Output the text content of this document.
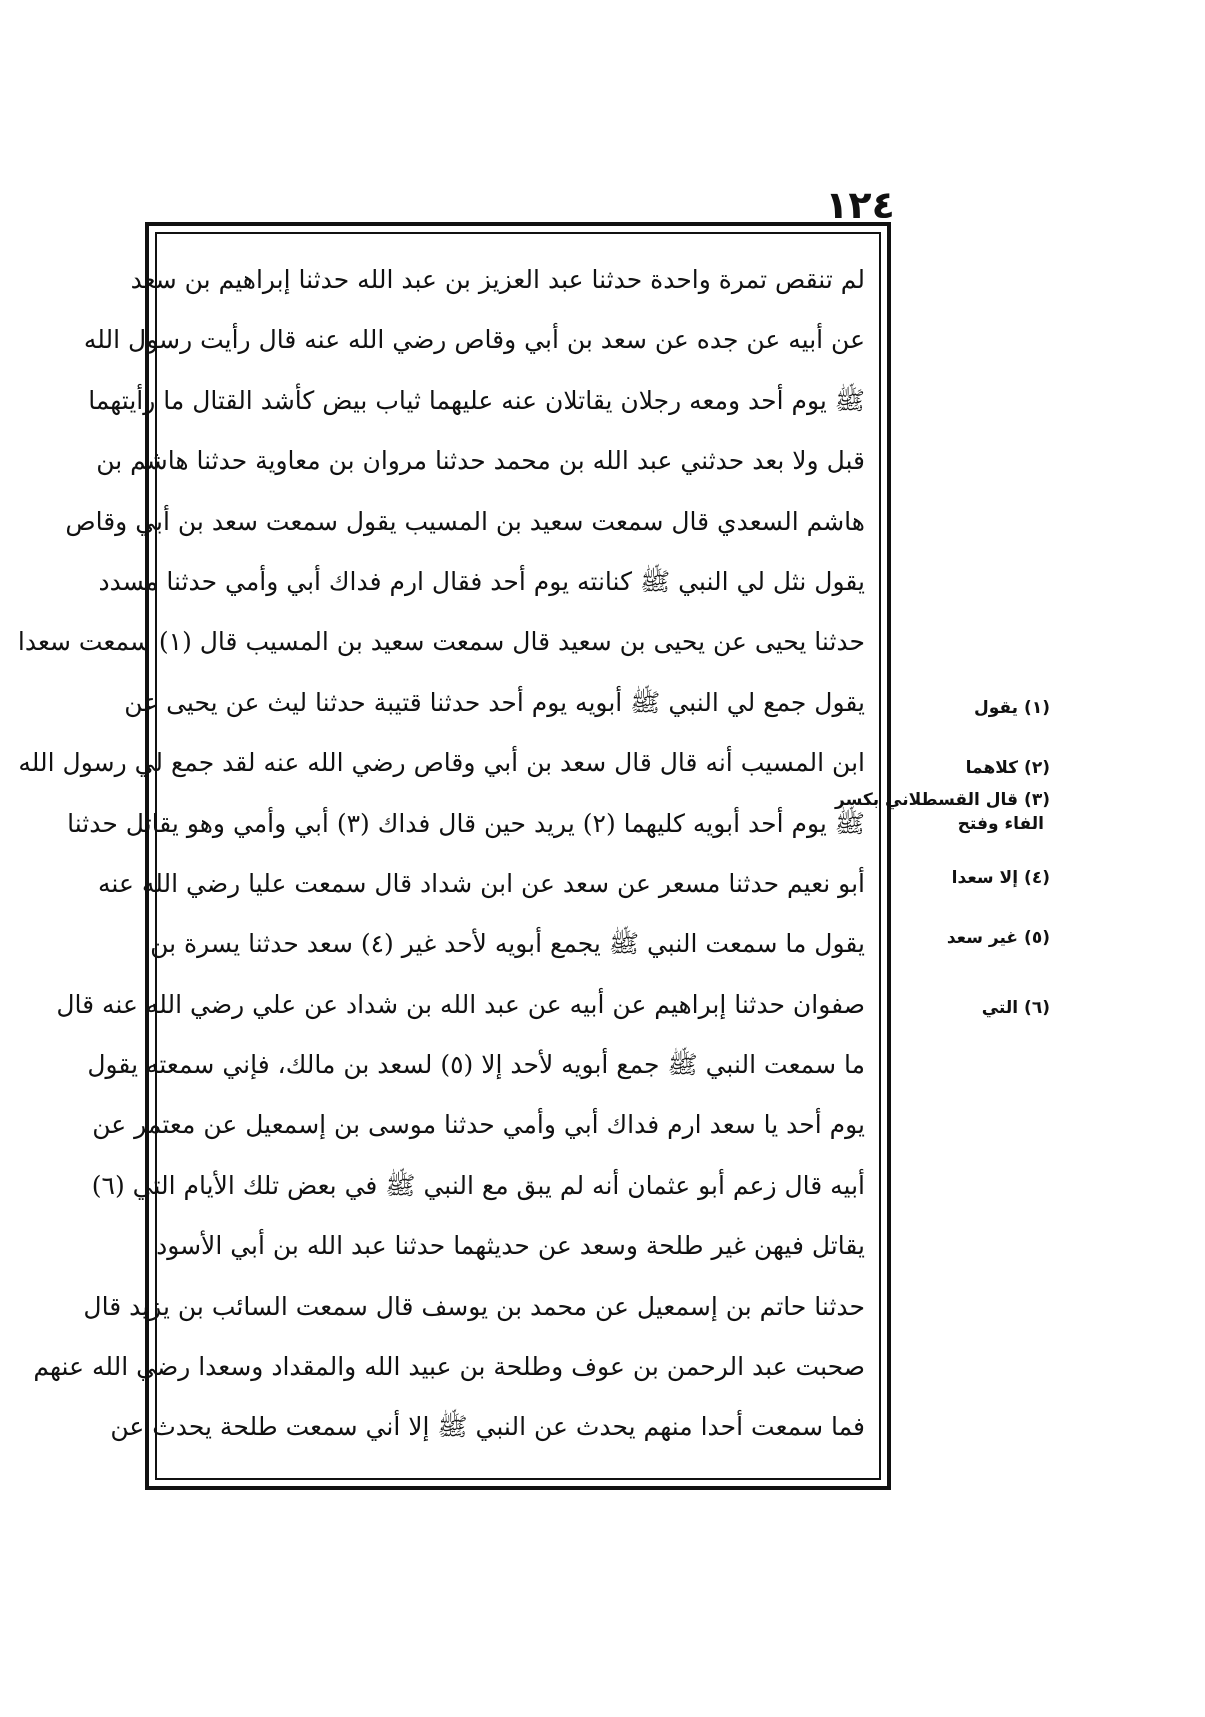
١٢٤
لم تنقص تمرة واحدة حدثنا عبد العزيز بن عبد الله حدثنا إبراهيم بن سعد
عن أبيه عن جده عن سعد بن أبي وقاص رضي الله عنه قال رأيت رسول الله
ﷺ يوم أحد ومعه رجلان يقاتلان عنه عليهما ثياب بيض كأشد القتال ما رأيتهما
قبل ولا بعد حدثني عبد الله بن محمد حدثنا مروان بن معاوية حدثنا هاشم بن
هاشم السعدي قال سمعت سعيد بن المسيب يقول سمعت سعد بن أبي وقاص
يقول نثل لي النبي ﷺ كنانته يوم أحد فقال ارم فداك أبي وأمي حدثنا مسدد
حدثنا يحيى عن يحيى بن سعيد قال سمعت سعيد بن المسيب قال (١) سمعت سعدا
يقول جمع لي النبي ﷺ أبويه يوم أحد حدثنا قتيبة حدثنا ليث عن يحيى عن
ابن المسيب أنه قال قال سعد بن أبي وقاص رضي الله عنه لقد جمع لي رسول الله
ﷺ يوم أحد أبويه كليهما (٢) يريد حين قال فداك (٣) أبي وأمي وهو يقاتل حدثنا
أبو نعيم حدثنا مسعر عن سعد عن ابن شداد قال سمعت عليا رضي الله عنه
يقول ما سمعت النبي ﷺ يجمع أبويه لأحد غير (٤) سعد حدثنا يسرة بن
صفوان حدثنا إبراهيم عن أبيه عن عبد الله بن شداد عن علي رضي الله عنه قال
ما سمعت النبي ﷺ جمع أبويه لأحد إلا (٥) لسعد بن مالك، فإني سمعته يقول
يوم أحد يا سعد ارم فداك أبي وأمي حدثنا موسى بن إسمعيل عن معتمر عن
أبيه قال زعم أبو عثمان أنه لم يبق مع النبي ﷺ في بعض تلك الأيام التي (٦)
يقاتل فيهن غير طلحة وسعد عن حديثهما حدثنا عبد الله بن أبي الأسود
حدثنا حاتم بن إسمعيل عن محمد بن يوسف قال سمعت السائب بن يزيد قال
صحبت عبد الرحمن بن عوف وطلحة بن عبيد الله والمقداد وسعدا رضي الله عنهم
فما سمعت أحدا منهم يحدث عن النبي ﷺ إلا أني سمعت طلحة يحدث عن
(١)يقول
(٢)كلاهما
(٣)قال القسطلاني بكسر
الفاء وفتح
(٤)إلا سعدا
(٥)غير سعد
(٦)التي
